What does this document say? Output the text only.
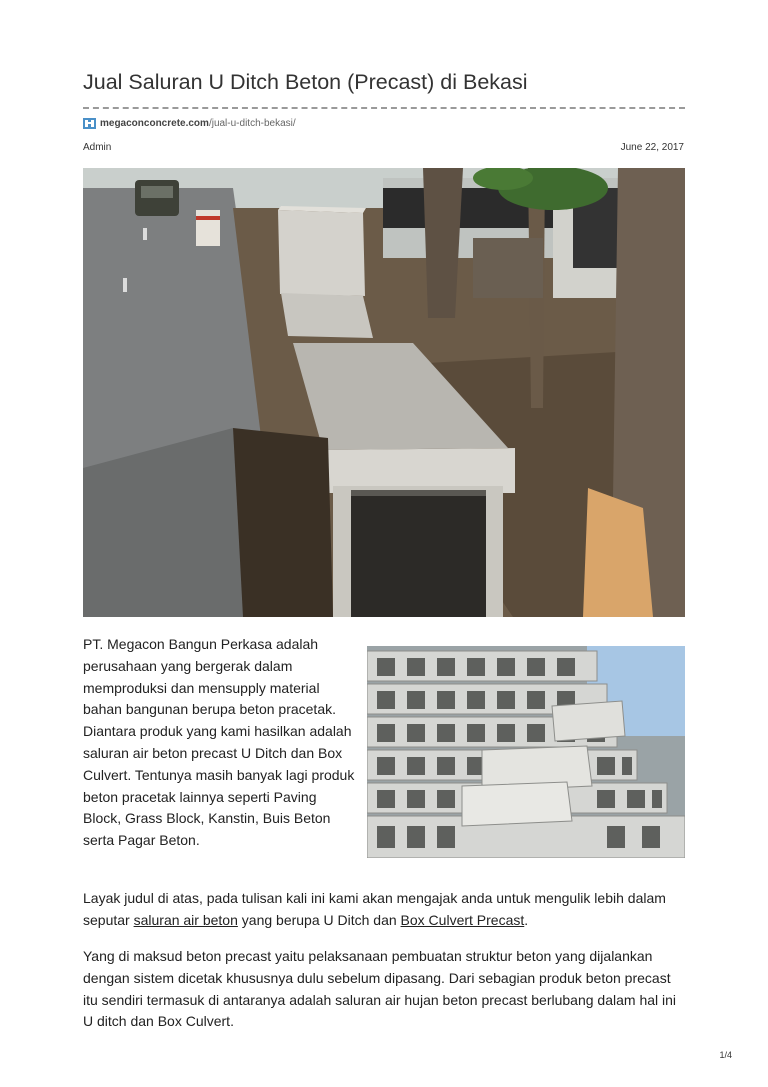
Jual Saluran U Ditch Beton (Precast) di Bekasi
megaconconcrete.com /jual-u-ditch-bekasi/
Admin	June 22, 2017

PT. Megacon Bangun Perkasa adalah perusahaan yang bergerak dalam memproduksi dan mensupply material bahan bangunan berupa beton pracetak. Diantara produk yang kami hasilkan adalah saluran air beton precast U Ditch dan Box Culvert. Tentunya masih banyak lagi produk beton pracetak lainnya seperti Paving Block, Grass Block, Kanstin, Buis Beton serta Pagar Beton.

Layak judul di atas, pada tulisan kali ini kami akan mengajak anda untuk mengulik lebih dalam seputar saluran air beton yang berupa U Ditch dan Box Culvert Precast.

Yang di maksud beton precast yaitu pelaksanaan pembuatan struktur beton yang dijalankan dengan sistem dicetak khususnya dulu sebelum dipasang. Dari sebagian produk beton precast itu sendiri termasuk di antaranya adalah saluran air hujan beton precast berlubang dalam hal ini U ditch dan Box Culvert.

1/4
